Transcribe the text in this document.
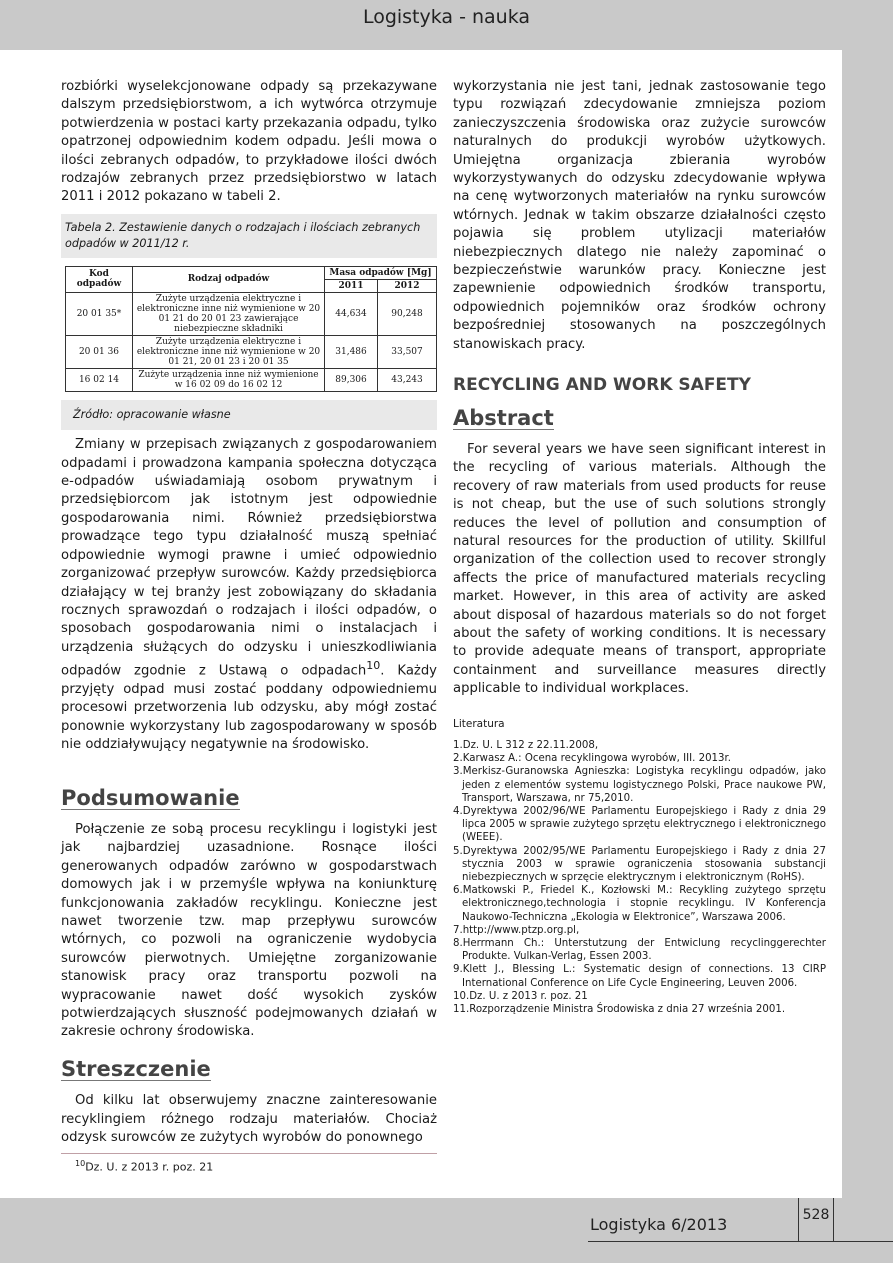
Logistyka - nauka

rozbiórki wyselekcjonowane odpady są przekazywane dalszym przedsiębiorstwom, a ich wytwórca otrzymuje potwierdzenia w postaci karty przekazania odpadu, tylko opatrzonej odpowiednim kodem odpadu. Jeśli mowa o ilości zebranych odpadów, to przykładowe ilości dwóch rodzajów zebranych przez przedsiębiorstwo w latach 2011 i 2012 pokazano w tabeli 2.

Tabela 2. Zestawienie danych o rodzajach i ilościach zebranych odpadów w 2011/12 r.
Kod odpadów	Rodzaj odpadów	Masa odpadów [Mg]	
		2011	2012
20 01 35*	Zużyte urządzenia elektryczne i elektroniczne inne niż wymienione w 20 01 21 do 20 01 23 zawierające niebezpieczne składniki	44,634	90,248
20 01 36	Zużyte urządzenia elektryczne i elektroniczne inne niż wymienione w 20 01 21, 20 01 23 i 20 01 35	31,486	33,507
16 02 14	Zużyte urządzenia inne niż wymienione w 16 02 09 do 16 02 12	89,306	43,243
Źródło: opracowanie własne

Zmiany w przepisach związanych z gospodarowaniem odpadami i prowadzona kampania społeczna dotycząca e-odpadów uświadamiają osobom prywatnym i przedsiębiorcom jak istotnym jest odpowiednie gospodarowania nimi. Również przedsiębiorstwa prowadzące tego typu działalność muszą spełniać odpowiednie wymogi prawne i umieć odpowiednio zorganizować przepływ surowców. Każdy przedsiębiorca działający w tej branży jest zobowiązany do składania rocznych sprawozdań o rodzajach i ilości odpadów, o sposobach gospodarowania nimi o instalacjach i urządzenia służących do odzysku i unieszkodliwiania odpadów zgodnie z Ustawą o odpadach$^{10}$. Każdy przyjęty odpad musi zostać poddany odpowiedniemu procesowi przetworzenia lub odzysku, aby mógł zostać ponownie wykorzystany lub zagospodarowany w sposób nie oddziaływujący negatywnie na środowisko.

Podsumowanie

Połączenie ze sobą procesu recyklingu i logistyki jest jak najbardziej uzasadnione. Rosnące ilości generowanych odpadów zarówno w gospodarstwach domowych jak i w przemyśle wpływa na koniunkturę funkcjonowania zakładów recyklingu. Konieczne jest nawet tworzenie tzw. map przepływu surowców wtórnych, co pozwoli na ograniczenie wydobycia surowców pierwotnych. Umiejętne zorganizowanie stanowisk pracy oraz transportu pozwoli na wypracowanie nawet dość wysokich zysków potwierdzających słuszność podejmowanych działań w zakresie ochrony środowiska.

Streszczenie

Od kilku lat obserwujemy znaczne zainteresowanie recyklingiem różnego rodzaju materiałów. Chociaż odzysk surowców ze zużytych wyrobów do ponownego

$^{10}$Dz. U. z 2013 r. poz. 21

wykorzystania nie jest tani, jednak zastosowanie tego typu rozwiązań zdecydowanie zmniejsza poziom zanieczyszczenia środowiska oraz zużycie surowców naturalnych do produkcji wyrobów użytkowych. Umiejętna organizacja zbierania wyrobów wykorzystywanych do odzysku zdecydowanie wpływa na cenę wytworzonych materiałów na rynku surowców wtórnych. Jednak w takim obszarze działalności często pojawia się problem utylizacji materiałów niebezpiecznych dlatego nie należy zapominać o bezpieczeństwie warunków pracy. Konieczne jest zapewnienie odpowiednich środków transportu, odpowiednich pojemników oraz środków ochrony bezpośredniej stosowanych na poszczególnych stanowiskach pracy.

RECYCLING AND WORK SAFETY
Abstract

For several years we have seen significant interest in the recycling of various materials. Although the recovery of raw materials from used products for reuse is not cheap, but the use of such solutions strongly reduces the level of pollution and consumption of natural resources for the production of utility. Skillful organization of the collection used to recover strongly affects the price of manufactured materials recycling market. However, in this area of activity are asked about disposal of hazardous materials so do not forget about the safety of working conditions. It is necessary to provide adequate means of transport, appropriate containment and surveillance measures directly applicable to individual workplaces.

Literatura

1.Dz. U. L 312 z 22.11.2008,
2.Karwasz A.: Ocena recyklingowa wyrobów, III. 2013r.
3.Merkisz-Guranowska Agnieszka: Logistyka recyklingu odpadów, jako jeden z elementów systemu logistycznego Polski, Prace naukowe PW, Transport, Warszawa, nr 75,2010.
4.Dyrektywa 2002/96/WE Parlamentu Europejskiego i Rady z dnia 29 lipca 2005 w sprawie zużytego sprzętu elektrycznego i elektronicznego (WEEE).
5.Dyrektywa 2002/95/WE Parlamentu Europejskiego i Rady z dnia 27 stycznia 2003 w sprawie ograniczenia stosowania substancji niebezpiecznych w sprzęcie elektrycznym i elektronicznym (RoHS).
6.Matkowski P., Friedel K., Kozłowski M.: Recykling zużytego sprzętu elektronicznego,technologia i stopnie recyklingu. IV Konferencja Naukowo-Techniczna „Ekologia w Elektronice”, Warszawa 2006.
7.http://www.ptzp.org.pl,
8.Herrmann Ch.: Unterstutzung der Entwiclung recyclinggerechter Produkte. Vulkan-Verlag, Essen 2003.
9.Klett J., Blessing L.: Systematic design of connections. 13 CIRP International Conference on Life Cycle Engineering, Leuven 2006.
10.Dz. U. z 2013 r. poz. 21
11.Rozporządzenie Ministra Środowiska z dnia 27 września 2001.
Logistyka 6/2013	528
